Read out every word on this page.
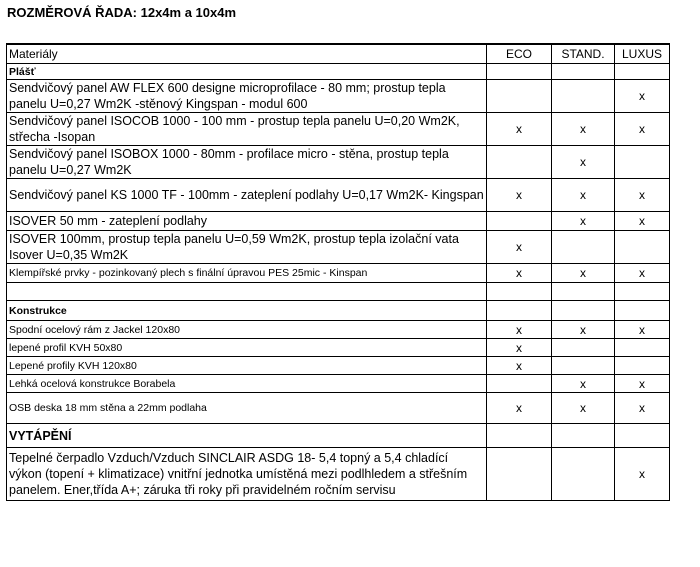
ROZMĚROVÁ ŘADA: 12x4m a 10x4m
Materiály	ECO	STAND.	LUXUS
Plášť			
Sendvičový panel AW FLEX 600 designe microprofilace - 80 mm; prostup tepla panelu U=0,27 Wm2K -stěnový Kingspan - modul 600			x
Sendvičový panel ISOCOB 1000 - 100 mm - prostup tepla panelu U=0,20 Wm2K, střecha -Isopan	x	x	x
Sendvičový panel ISOBOX 1000 - 80mm - profilace micro - stěna, prostup tepla panelu U=0,27 Wm2K		x	
Sendvičový panel KS 1000 TF - 100mm - zateplení podlahy U=0,17 Wm2K- Kingspan	x	x	x
ISOVER 50 mm - zateplení podlahy		x	x
ISOVER 100mm, prostup tepla panelu U=0,59 Wm2K, prostup tepla izolační vata Isover U=0,35 Wm2K	x		
Klempířské prvky - pozinkovaný plech s finální úpravou PES 25mic - Kinspan	x	x	x

Konstrukce			
Spodní ocelový rám z Jackel 120x80	x	x	x
lepené profil KVH 50x80	x		
Lepené profily KVH 120x80	x		
Lehká ocelová konstrukce Borabela		x	x
OSB deska 18 mm stěna a 22mm podlaha	x	x	x
VYTÁPĚNÍ			
Tepelné čerpadlo Vzduch/Vzduch SINCLAIR ASDG 18- 5,4 topný a 5,4 chladící výkon (topení + klimatizace) vnitřní jednotka umístěná mezi podlhledem a střešním panelem. Ener,třída A+; záruka tři roky při pravidelném ročním servisu			x
